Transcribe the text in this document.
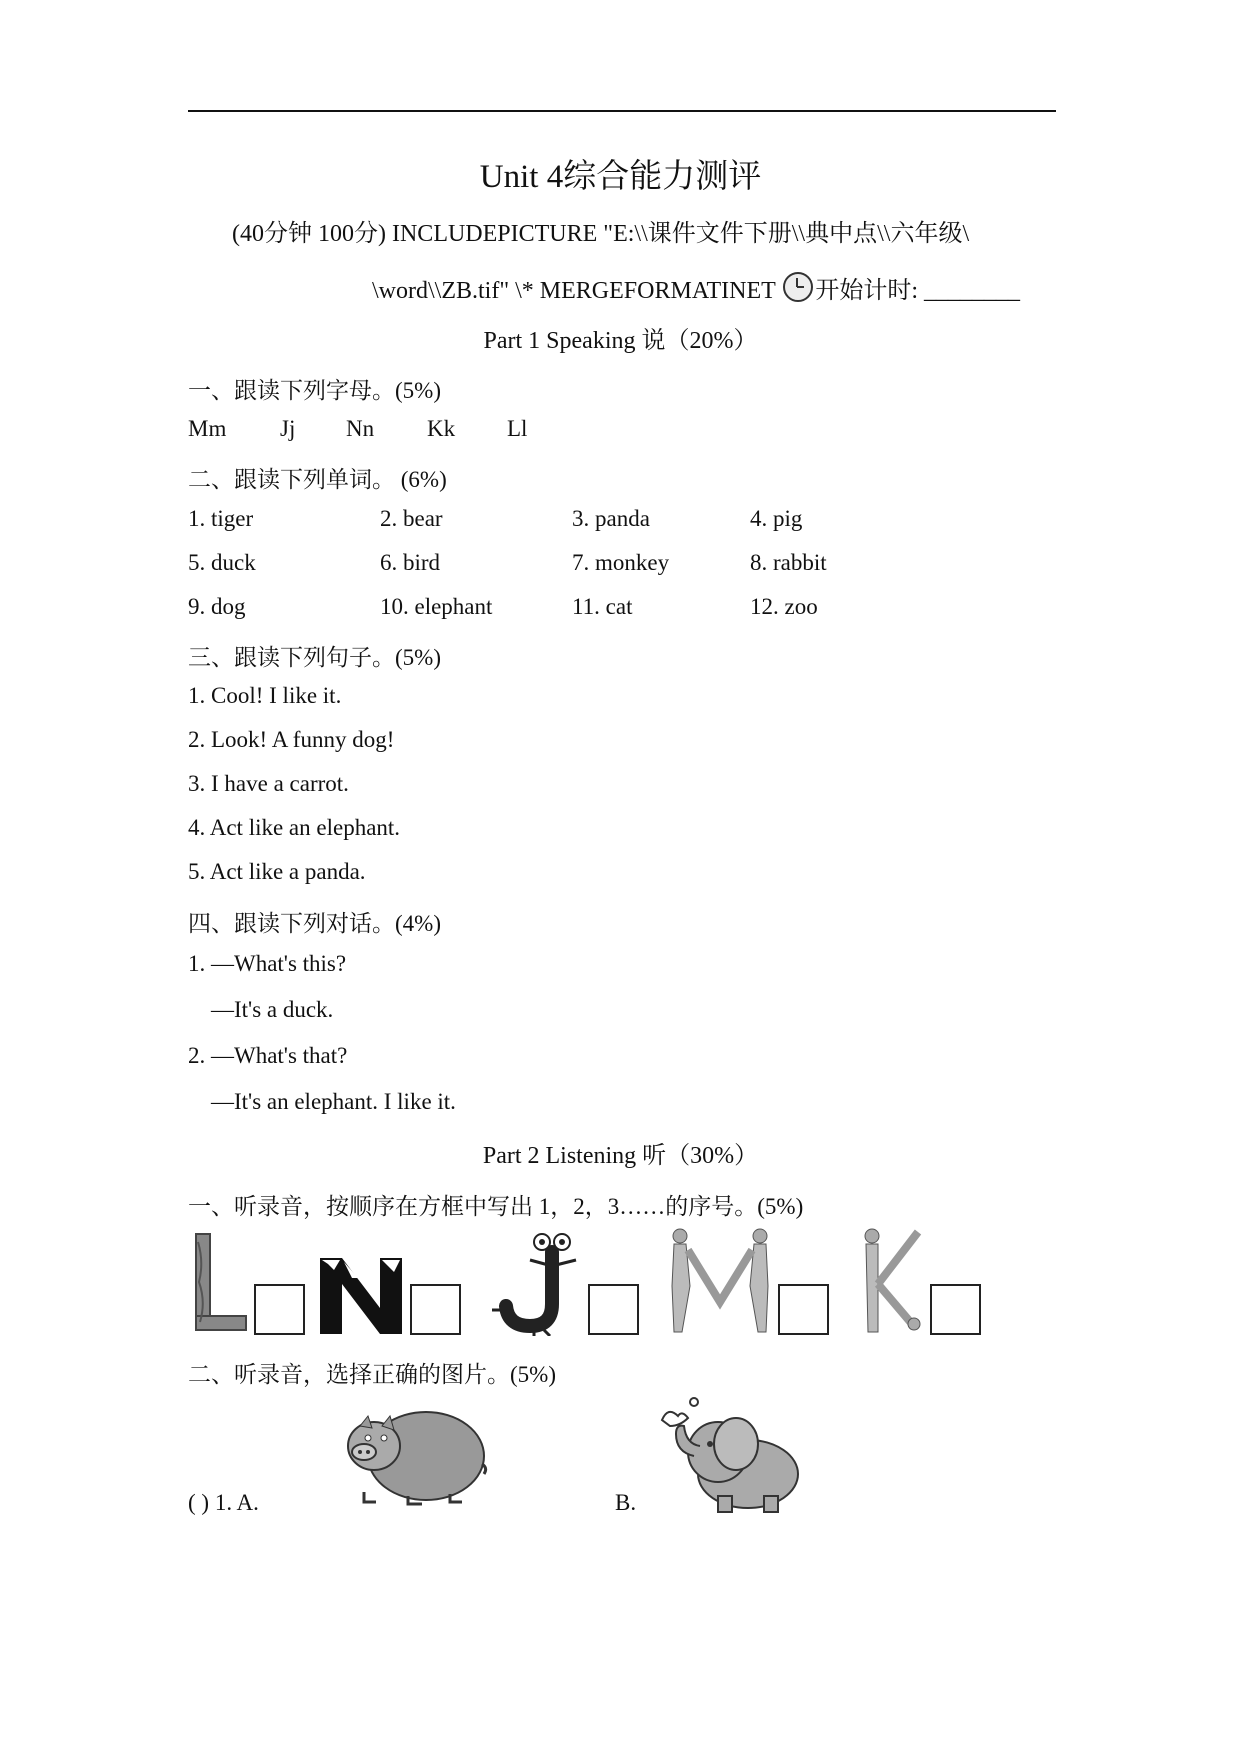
Unit 4综合能力测评
(40分钟 100分) INCLUDEPICTURE "E:\\课件文件下册\\典中点\\六年级\
\word\\ZB.tif" \* MERGEFORMATINET 开始计时: ________
Part 1 Speaking 说（20%）
一、跟读下列字母。(5%)
Mm Jj Nn Kk Ll
二、跟读下列单词。 (6%)
1. tiger	2. bear	3. panda	4. pig
5. duck	6. bird	7. monkey	8. rabbit
9. dog	10. elephant	11. cat	12. zoo
三、跟读下列句子。(5%)
1. Cool! I like it.
2. Look! A funny dog!
3. I have a carrot.
4. Act like an elephant.
5. Act like a panda.
四、跟读下列对话。(4%)
1. —What's this?
—It's a duck.
2. —What's that?
—It's an elephant. I like it.
Part 2 Listening 听（30%）
一、听录音，按顺序在方框中写出 1，2，3……的序号。(5%)
二、听录音，选择正确的图片。(5%)
( ) 1. A.	B.
